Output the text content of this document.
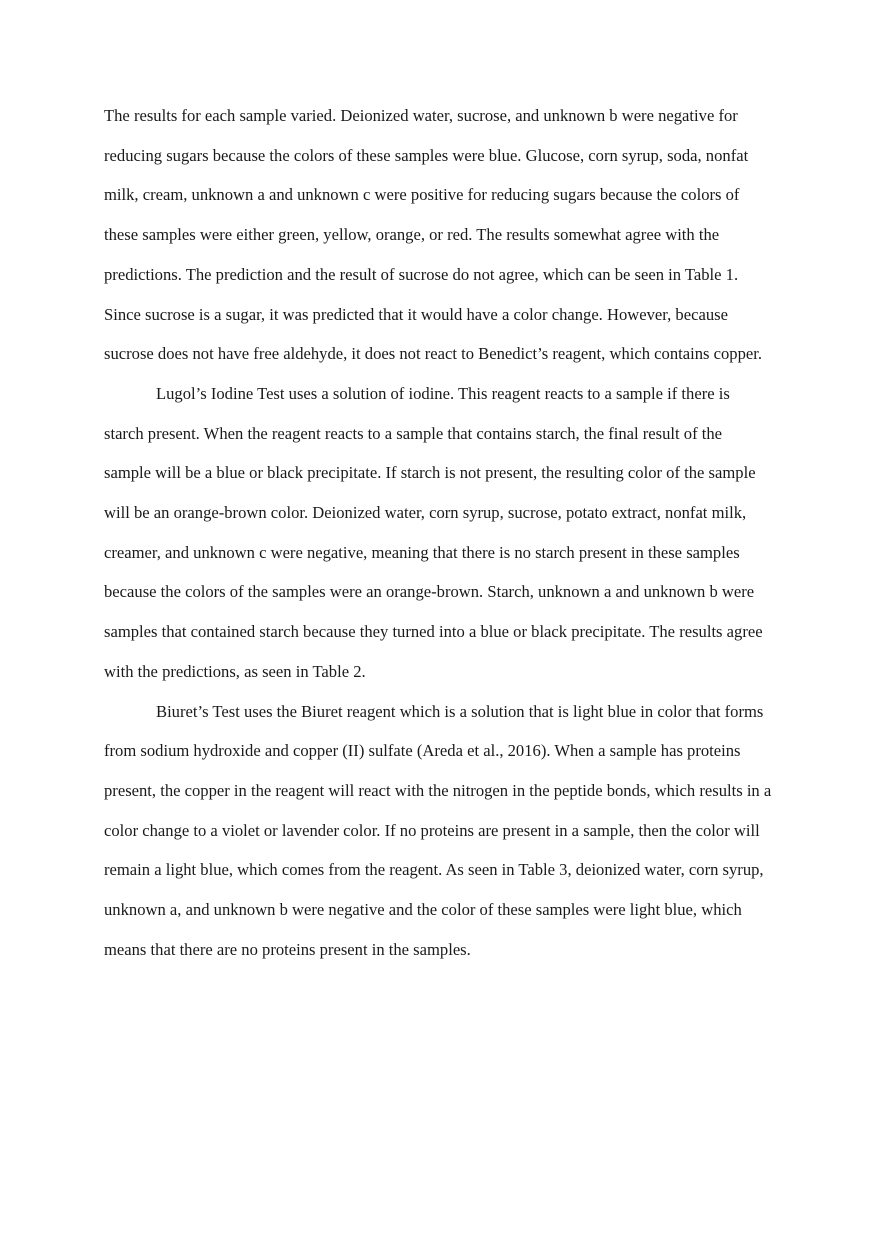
The results for each sample varied. Deionized water, sucrose, and unknown b were negative for reducing sugars because the colors of these samples were blue. Glucose, corn syrup, soda, nonfat milk, cream, unknown a and unknown c were positive for reducing sugars because the colors of these samples were either green, yellow, orange, or red. The results somewhat agree with the predictions. The prediction and the result of sucrose do not agree, which can be seen in Table 1. Since sucrose is a sugar, it was predicted that it would have a color change. However, because sucrose does not have free aldehyde, it does not react to Benedict’s reagent, which contains copper.

Lugol’s Iodine Test uses a solution of iodine. This reagent reacts to a sample if there is starch present. When the reagent reacts to a sample that contains starch, the final result of the sample will be a blue or black precipitate. If starch is not present, the resulting color of the sample will be an orange-brown color. Deionized water, corn syrup, sucrose, potato extract, nonfat milk, creamer, and unknown c were negative, meaning that there is no starch present in these samples because the colors of the samples were an orange-brown. Starch, unknown a and unknown b were samples that contained starch because they turned into a blue or black precipitate. The results agree with the predictions, as seen in Table 2.

Biuret’s Test uses the Biuret reagent which is a solution that is light blue in color that forms from sodium hydroxide and copper (II) sulfate (Areda et al., 2016). When a sample has proteins present, the copper in the reagent will react with the nitrogen in the peptide bonds, which results in a color change to a violet or lavender color. If no proteins are present in a sample, then the color will remain a light blue, which comes from the reagent. As seen in Table 3, deionized water, corn syrup, unknown a, and unknown b were negative and the color of these samples were light blue, which means that there are no proteins present in the samples.
